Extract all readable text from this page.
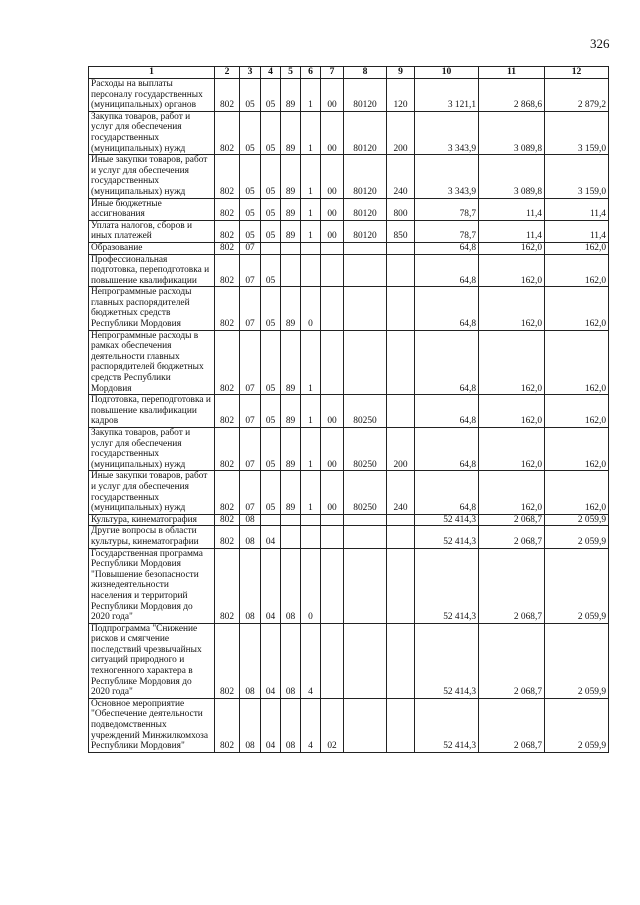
326
1	2	3	4	5	6	7	8	9	10	11	12
Расходы на выплаты персоналу государственных (муниципальных) органов	802	05	05	89	1	00	80120	120	3 121,1	2 868,6	2 879,2
Закупка товаров, работ и услуг для обеспечения государственных (муниципальных) нужд	802	05	05	89	1	00	80120	200	3 343,9	3 089,8	3 159,0
Иные закупки товаров, работ и услуг для обеспечения государственных (муниципальных) нужд	802	05	05	89	1	00	80120	240	3 343,9	3 089,8	3 159,0
Иные бюджетные ассигнования	802	05	05	89	1	00	80120	800	78,7	11,4	11,4
Уплата налогов, сборов и иных платежей	802	05	05	89	1	00	80120	850	78,7	11,4	11,4
Образование	802	07							64,8	162,0	162,0
Профессиональная подготовка, переподготовка и повышение квалификации	802	07	05						64,8	162,0	162,0
Непрограммные расходы главных распорядителей бюджетных средств Республики Мордовия	802	07	05	89	0				64,8	162,0	162,0
Непрограммные расходы в рамках обеспечения деятельности главных распорядителей бюджетных средств Республики Мордовия	802	07	05	89	1				64,8	162,0	162,0
Подготовка, переподготовка и повышение квалификации кадров	802	07	05	89	1	00	80250		64,8	162,0	162,0
Закупка товаров, работ и услуг для обеспечения государственных (муниципальных) нужд	802	07	05	89	1	00	80250	200	64,8	162,0	162,0
Иные закупки товаров, работ и услуг для обеспечения государственных (муниципальных) нужд	802	07	05	89	1	00	80250	240	64,8	162,0	162,0
Культура, кинематография	802	08							52 414,3	2 068,7	2 059,9
Другие вопросы в области культуры, кинематографии	802	08	04						52 414,3	2 068,7	2 059,9
Государственная программа Республики Мордовия "Повышение безопасности жизнедеятельности населения и территорий Республики Мордовия до 2020 года"	802	08	04	08	0				52 414,3	2 068,7	2 059,9
Подпрограмма "Снижение рисков и смягчение последствий чрезвычайных ситуаций природного и техногенного характера в Республике Мордовия до 2020 года"	802	08	04	08	4				52 414,3	2 068,7	2 059,9
Основное мероприятие "Обеспечение деятельности подведомственных учреждений Минжилкомхоза Республики Мордовия"	802	08	04	08	4	02			52 414,3	2 068,7	2 059,9
